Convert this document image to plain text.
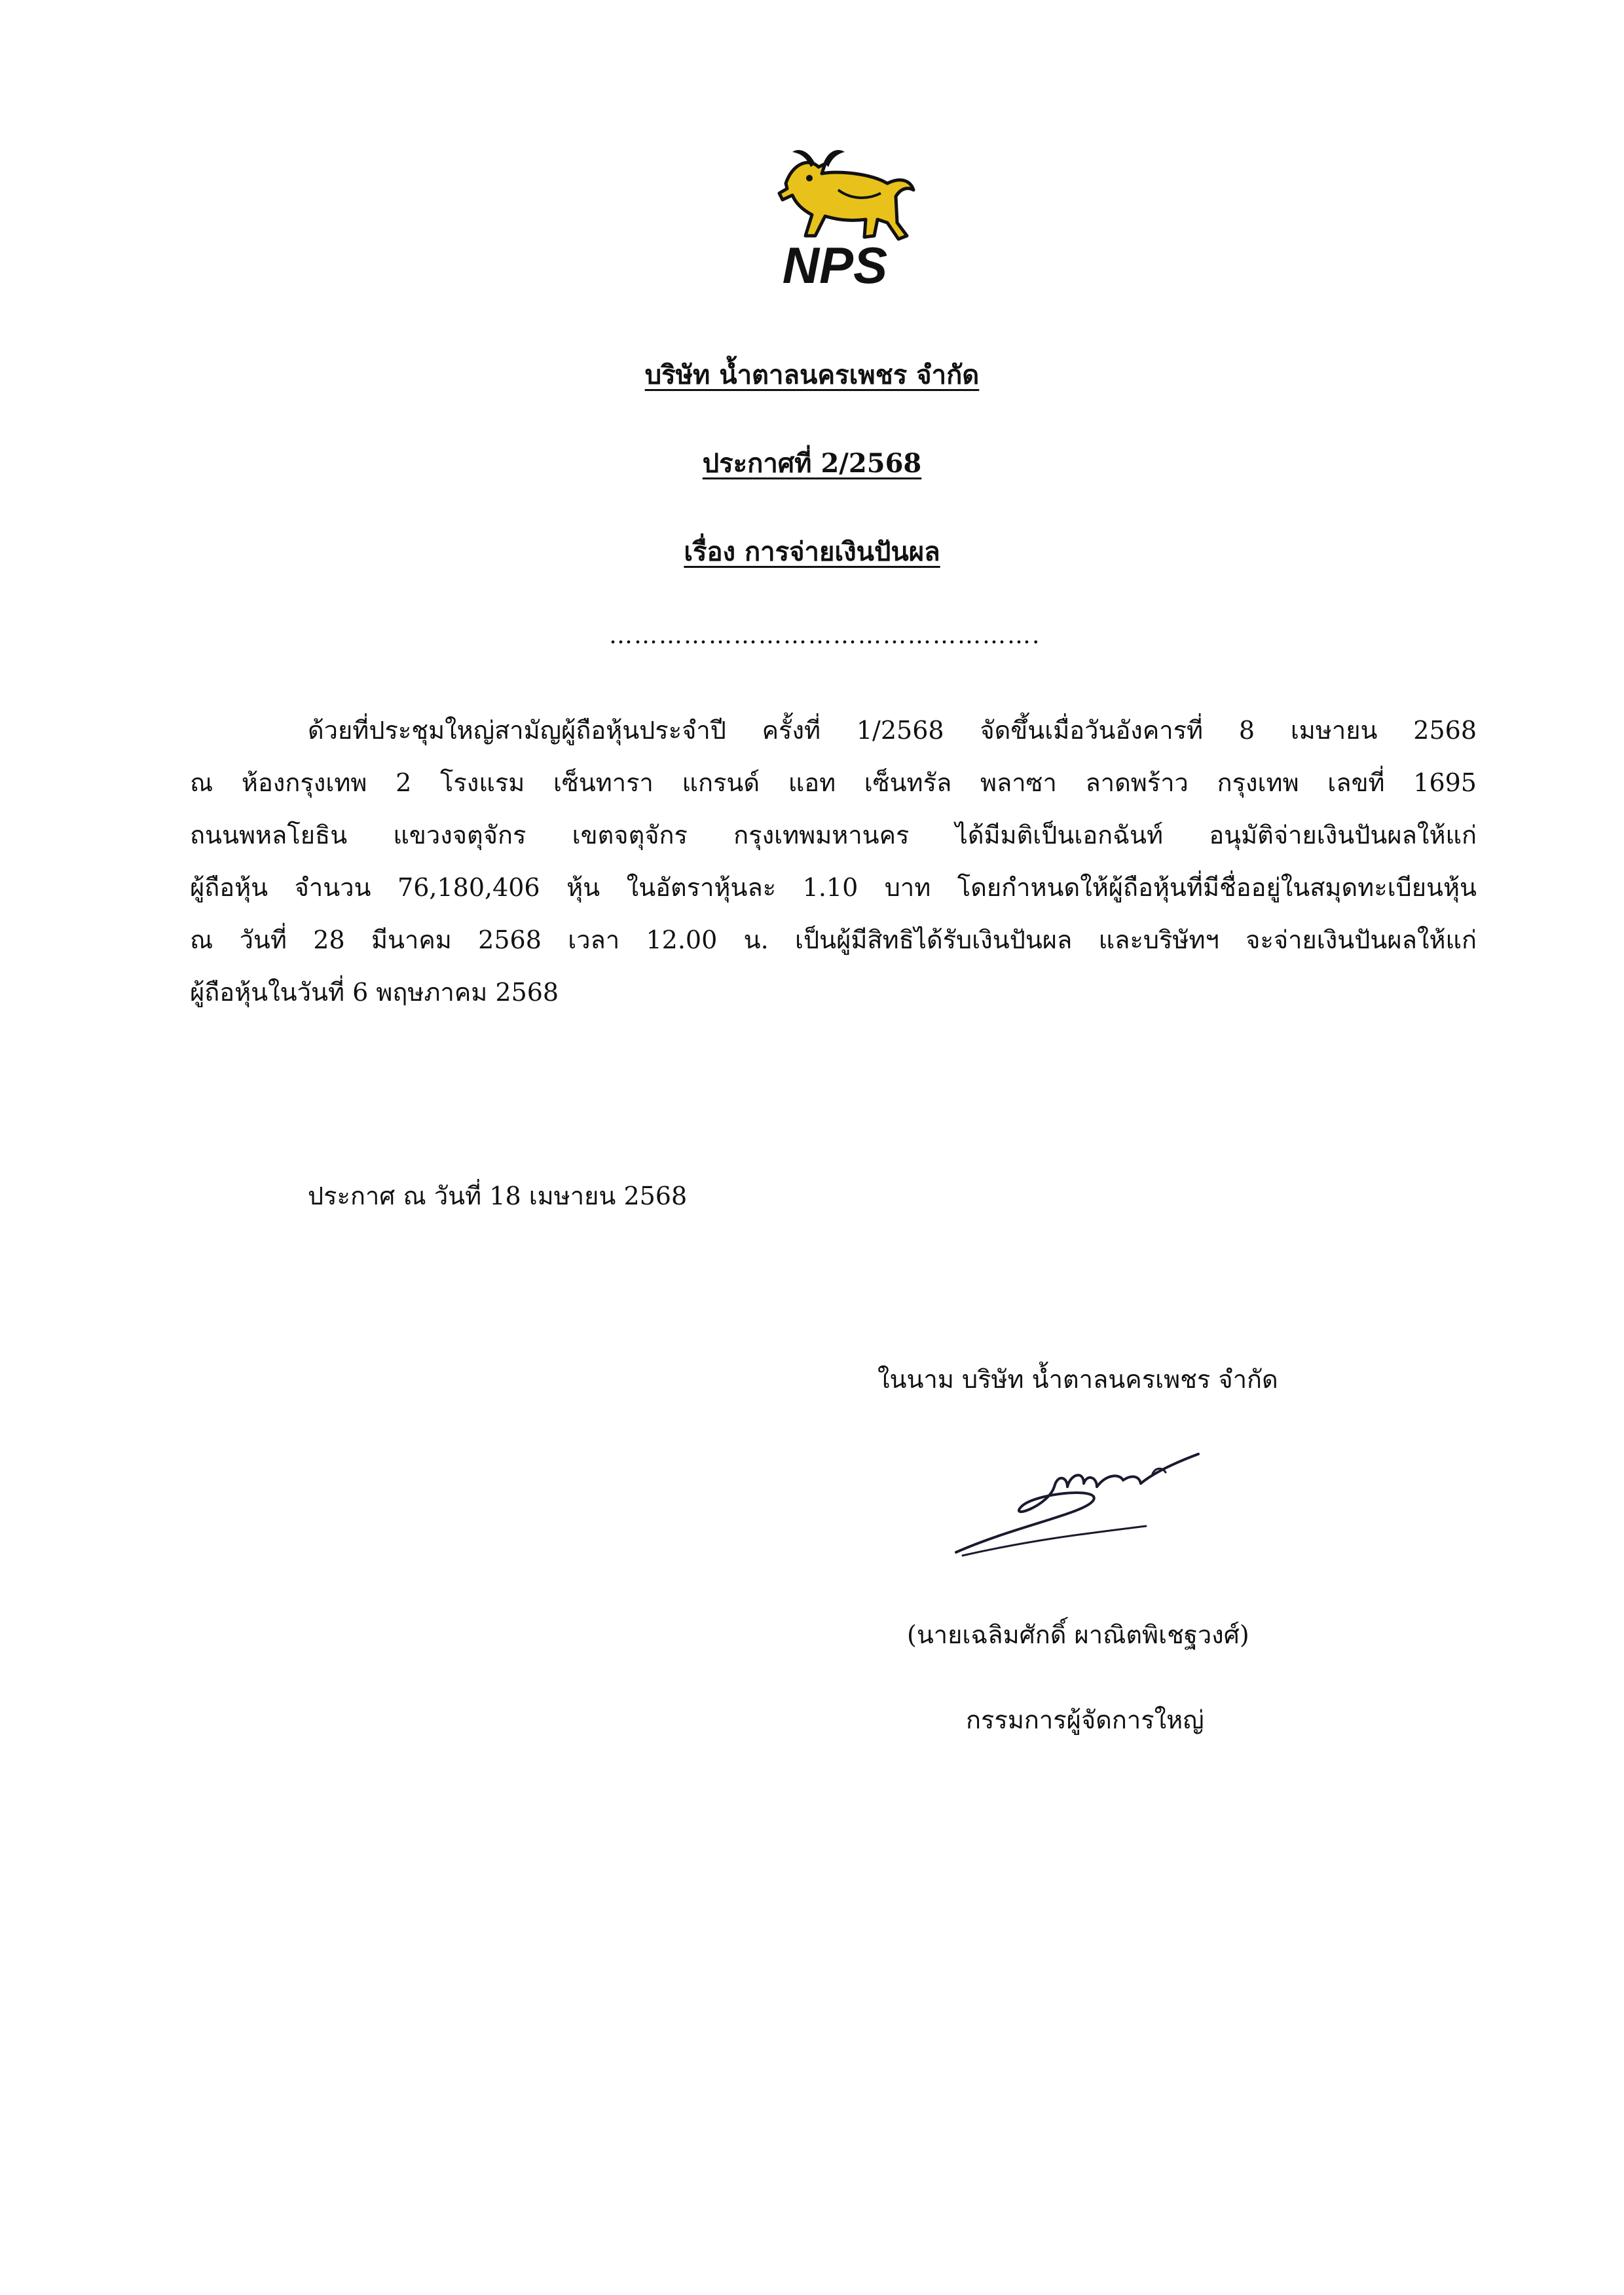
NPS
บริษัท น้ำตาลนครเพชร จำกัด
ประกาศที่ 2/2568
เรื่อง การจ่ายเงินปันผล
…………………………………………….
ด้วยที่ประชุมใหญ่สามัญผู้ถือหุ้นประจำปี ครั้งที่ 1/2568 จัดขึ้นเมื่อวันอังคารที่ 8 เมษายน 2568
ณ ห้องกรุงเทพ 2 โรงแรม เซ็นทารา แกรนด์ แอท เซ็นทรัล พลาซา ลาดพร้าว กรุงเทพ เลขที่ 1695
ถนนพหลโยธิน แขวงจตุจักร เขตจตุจักร กรุงเทพมหานคร ได้มีมติเป็นเอกฉันท์ อนุมัติจ่ายเงินปันผลให้แก่
ผู้ถือหุ้น จำนวน 76,180,406 หุ้น ในอัตราหุ้นละ 1.10 บาท โดยกำหนดให้ผู้ถือหุ้นที่มีชื่ออยู่ในสมุดทะเบียนหุ้น
ณ วันที่ 28 มีนาคม 2568 เวลา 12.00 น. เป็นผู้มีสิทธิได้รับเงินปันผล และบริษัทฯ จะจ่ายเงินปันผลให้แก่
ผู้ถือหุ้นในวันที่ 6 พฤษภาคม 2568
ประกาศ ณ วันที่ 18 เมษายน 2568
ในนาม บริษัท น้ำตาลนครเพชร จำกัด
(นายเฉลิมศักดิ์ ผาณิตพิเชฐวงศ์)
กรรมการผู้จัดการใหญ่
